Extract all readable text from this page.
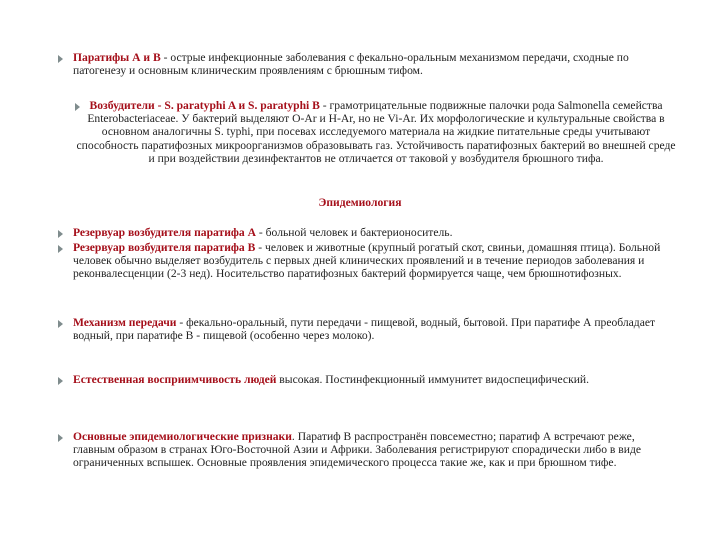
Паратифы А и В - острые инфекционные заболевания с фекально-оральным механизмом передачи, сходные по патогенезу и основным клиническим проявлениям с брюшным тифом.

Возбудители - S. paratyphi A и S. paratyphi В - грамотрицательные подвижные палочки рода Salmonella семейства Enterobacteriaceae. У бактерий выделяют O-Ar и H-Ar, но не Vi-Ar. Их морфологические и культуральные свойства в основном аналогичны S. typhi, при посевах исследуемого материала на жидкие питательные среды учитывают способность паратифозных микроорганизмов образовывать газ. Устойчивость паратифозных бактерий во внешней среде и при воздействии дезинфектантов не отличается от таковой у возбудителя брюшного тифа.

Эпидемиология

Резервуар возбудителя паратифа А - больной человек и бактерионоситель.

Резервуар возбудителя паратифа В - человек и животные (крупный рогатый скот, свиньи, домашняя птица). Больной человек обычно выделяет возбудитель с первых дней клинических проявлений и в течение периодов заболевания и реконвалесценции (2-3 нед). Носительство паратифозных бактерий формируется чаще, чем брюшнотифозных.

Механизм передачи - фекально-оральный, пути передачи - пищевой, водный, бытовой. При паратифе А преобладает водный, при паратифе В - пищевой (особенно через молоко).

Естественная восприимчивость людей высокая. Постинфекционный иммунитет видоспецифический.

Основные эпидемиологические признаки. Паратиф В распространён повсеместно; паратиф А встречают реже, главным образом в странах Юго-Восточной Азии и Африки. Заболевания регистрируют спорадически либо в виде ограниченных вспышек. Основные проявления эпидемического процесса такие же, как и при брюшном тифе.
